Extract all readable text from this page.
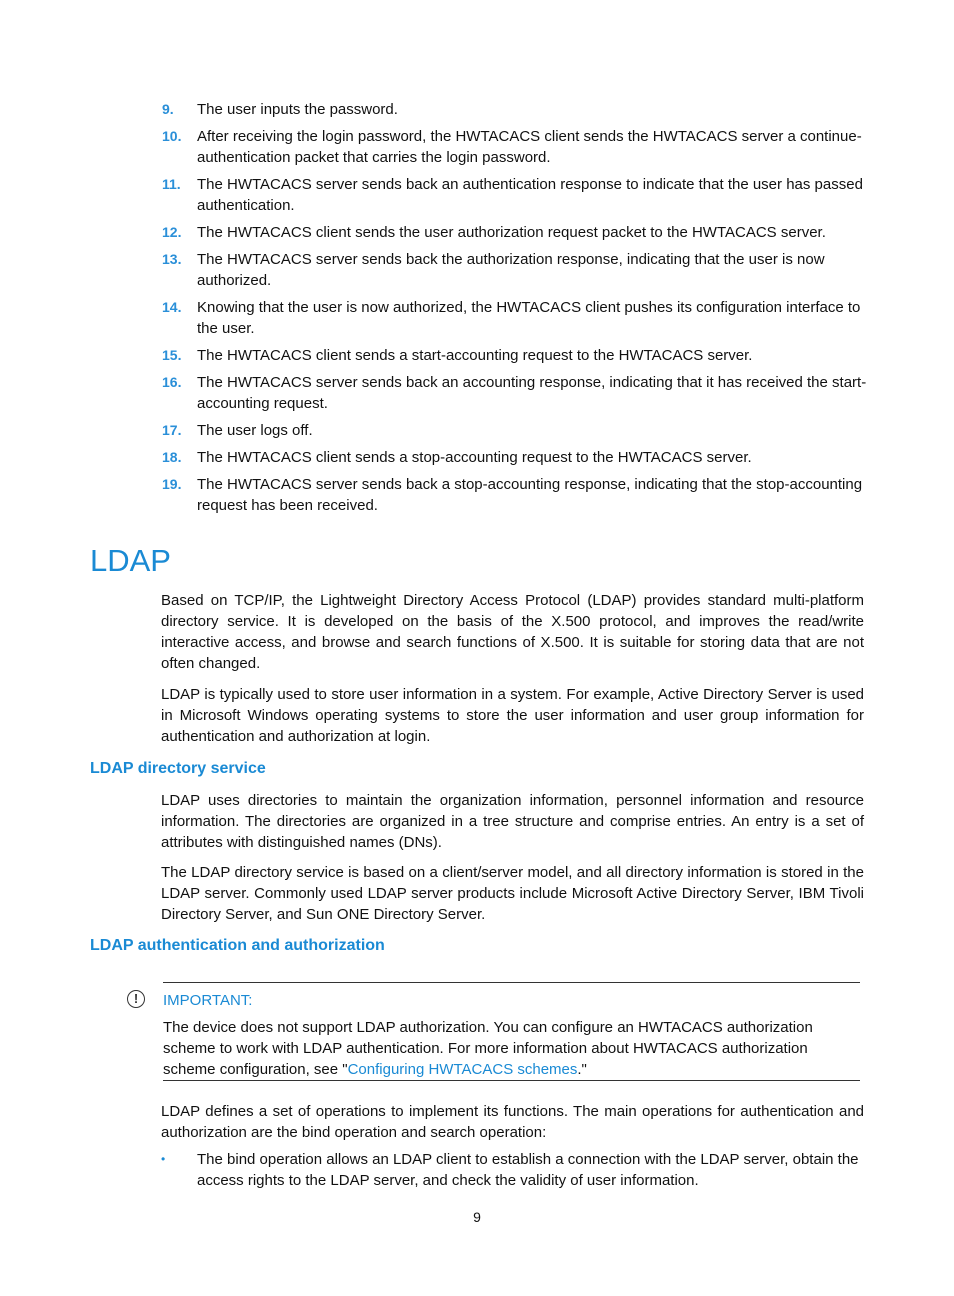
9.	The user inputs the password.
10.	After receiving the login password, the HWTACACS client sends the HWTACACS server a continue-authentication packet that carries the login password.
11.	The HWTACACS server sends back an authentication response to indicate that the user has passed authentication.
12.	The HWTACACS client sends the user authorization request packet to the HWTACACS server.
13.	The HWTACACS server sends back the authorization response, indicating that the user is now authorized.
14.	Knowing that the user is now authorized, the HWTACACS client pushes its configuration interface to the user.
15.	The HWTACACS client sends a start-accounting request to the HWTACACS server.
16.	The HWTACACS server sends back an accounting response, indicating that it has received the start-accounting request.
17.	The user logs off.
18.	The HWTACACS client sends a stop-accounting request to the HWTACACS server.
19.	The HWTACACS server sends back a stop-accounting response, indicating that the stop-accounting request has been received.
LDAP
Based on TCP/IP, the Lightweight Directory Access Protocol (LDAP) provides standard multi-platform directory service. It is developed on the basis of the X.500 protocol, and improves the read/write interactive access, and browse and search functions of X.500. It is suitable for storing data that are not often changed.
LDAP is typically used to store user information in a system. For example, Active Directory Server is used in Microsoft Windows operating systems to store the user information and user group information for authentication and authorization at login.
LDAP directory service
LDAP uses directories to maintain the organization information, personnel information and resource information. The directories are organized in a tree structure and comprise entries. An entry is a set of attributes with distinguished names (DNs).
The LDAP directory service is based on a client/server model, and all directory information is stored in the LDAP server. Commonly used LDAP server products include Microsoft Active Directory Server, IBM Tivoli Directory Server, and Sun ONE Directory Server.
LDAP authentication and authorization
!	IMPORTANT:
The device does not support LDAP authorization. You can configure an HWTACACS authorization scheme to work with LDAP authentication. For more information about HWTACACS authorization scheme configuration, see "Configuring HWTACACS schemes."
LDAP defines a set of operations to implement its functions. The main operations for authentication and authorization are the bind operation and search operation:
•	The bind operation allows an LDAP client to establish a connection with the LDAP server, obtain the access rights to the LDAP server, and check the validity of user information.
9
